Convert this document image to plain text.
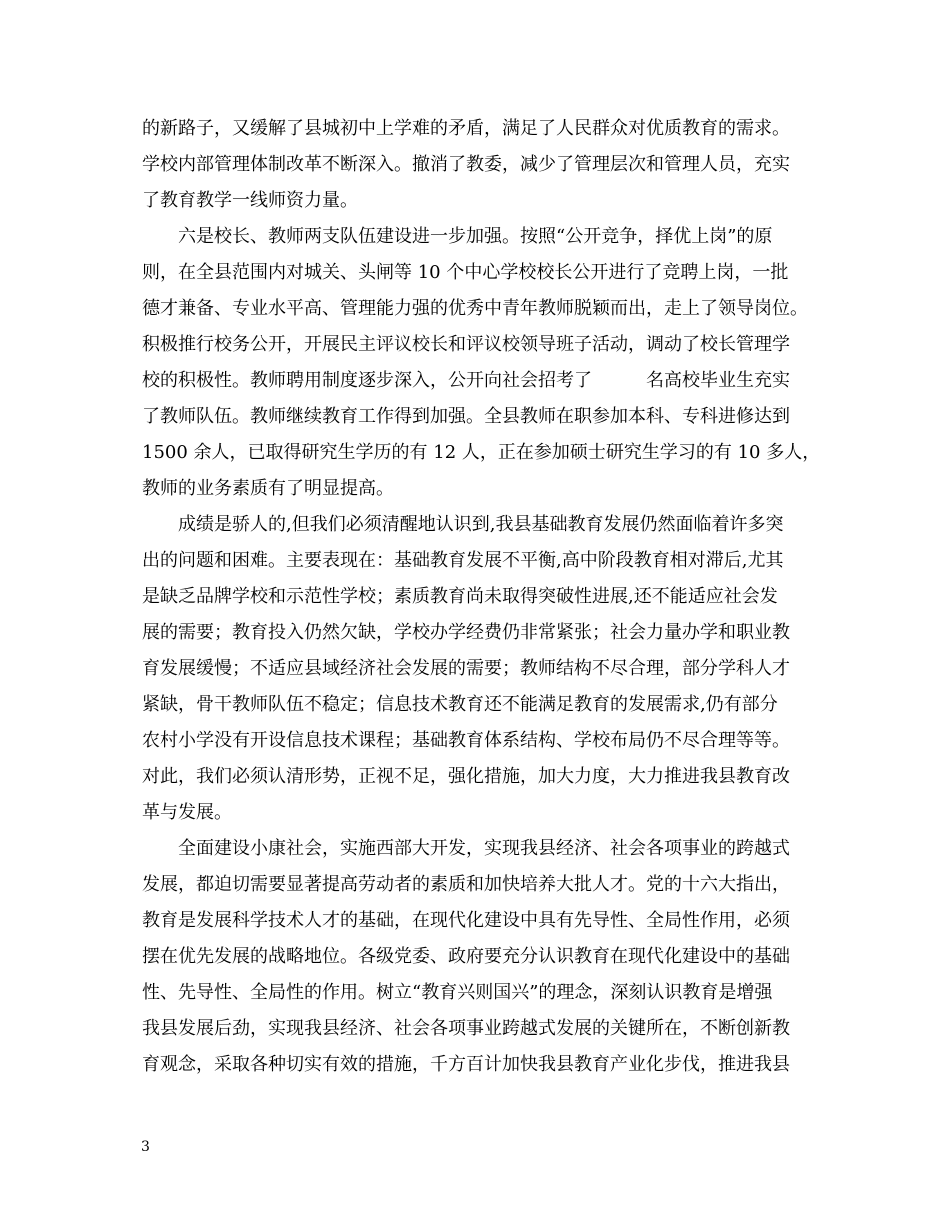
的新路子，又缓解了县城初中上学难的矛盾，满足了人民群众对优质教育的需求。
学校内部管理体制改革不断深入。撤消了教委，减少了管理层次和管理人员，充实
了教育教学一线师资力量。
六是校长、教师两支队伍建设进一步加强。按照“公开竞争，择优上岗”的原
则，在全县范围内对城关、头闸等 10 个中心学校校长公开进行了竞聘上岗，一批
德才兼备、专业水平高、管理能力强的优秀中青年教师脱颖而出，走上了领导岗位。
积极推行校务公开，开展民主评议校长和评议校领导班子活动，调动了校长管理学
校的积极性。教师聘用制度逐步深入，公开向社会招考了　　　名高校毕业生充实
了教师队伍。教师继续教育工作得到加强。全县教师在职参加本科、专科进修达到
1500 余人，已取得研究生学历的有 12 人，正在参加硕士研究生学习的有 10 多人，
教师的业务素质有了明显提高。
成绩是骄人的,但我们必须清醒地认识到,我县基础教育发展仍然面临着许多突
出的问题和困难。主要表现在：基础教育发展不平衡,高中阶段教育相对滞后,尤其
是缺乏品牌学校和示范性学校；素质教育尚未取得突破性进展,还不能适应社会发
展的需要；教育投入仍然欠缺，学校办学经费仍非常紧张；社会力量办学和职业教
育发展缓慢；不适应县域经济社会发展的需要；教师结构不尽合理，部分学科人才
紧缺，骨干教师队伍不稳定；信息技术教育还不能满足教育的发展需求,仍有部分
农村小学没有开设信息技术课程；基础教育体系结构、学校布局仍不尽合理等等。
对此，我们必须认清形势，正视不足，强化措施，加大力度，大力推进我县教育改
革与发展。
全面建设小康社会，实施西部大开发，实现我县经济、社会各项事业的跨越式
发展，都迫切需要显著提高劳动者的素质和加快培养大批人才。党的十六大指出，
教育是发展科学技术人才的基础，在现代化建设中具有先导性、全局性作用，必须
摆在优先发展的战略地位。各级党委、政府要充分认识教育在现代化建设中的基础
性、先导性、全局性的作用。树立“教育兴则国兴”的理念，深刻认识教育是增强
我县发展后劲，实现我县经济、社会各项事业跨越式发展的关键所在，不断创新教
育观念，采取各种切实有效的措施，千方百计加快我县教育产业化步伐，推进我县
3
